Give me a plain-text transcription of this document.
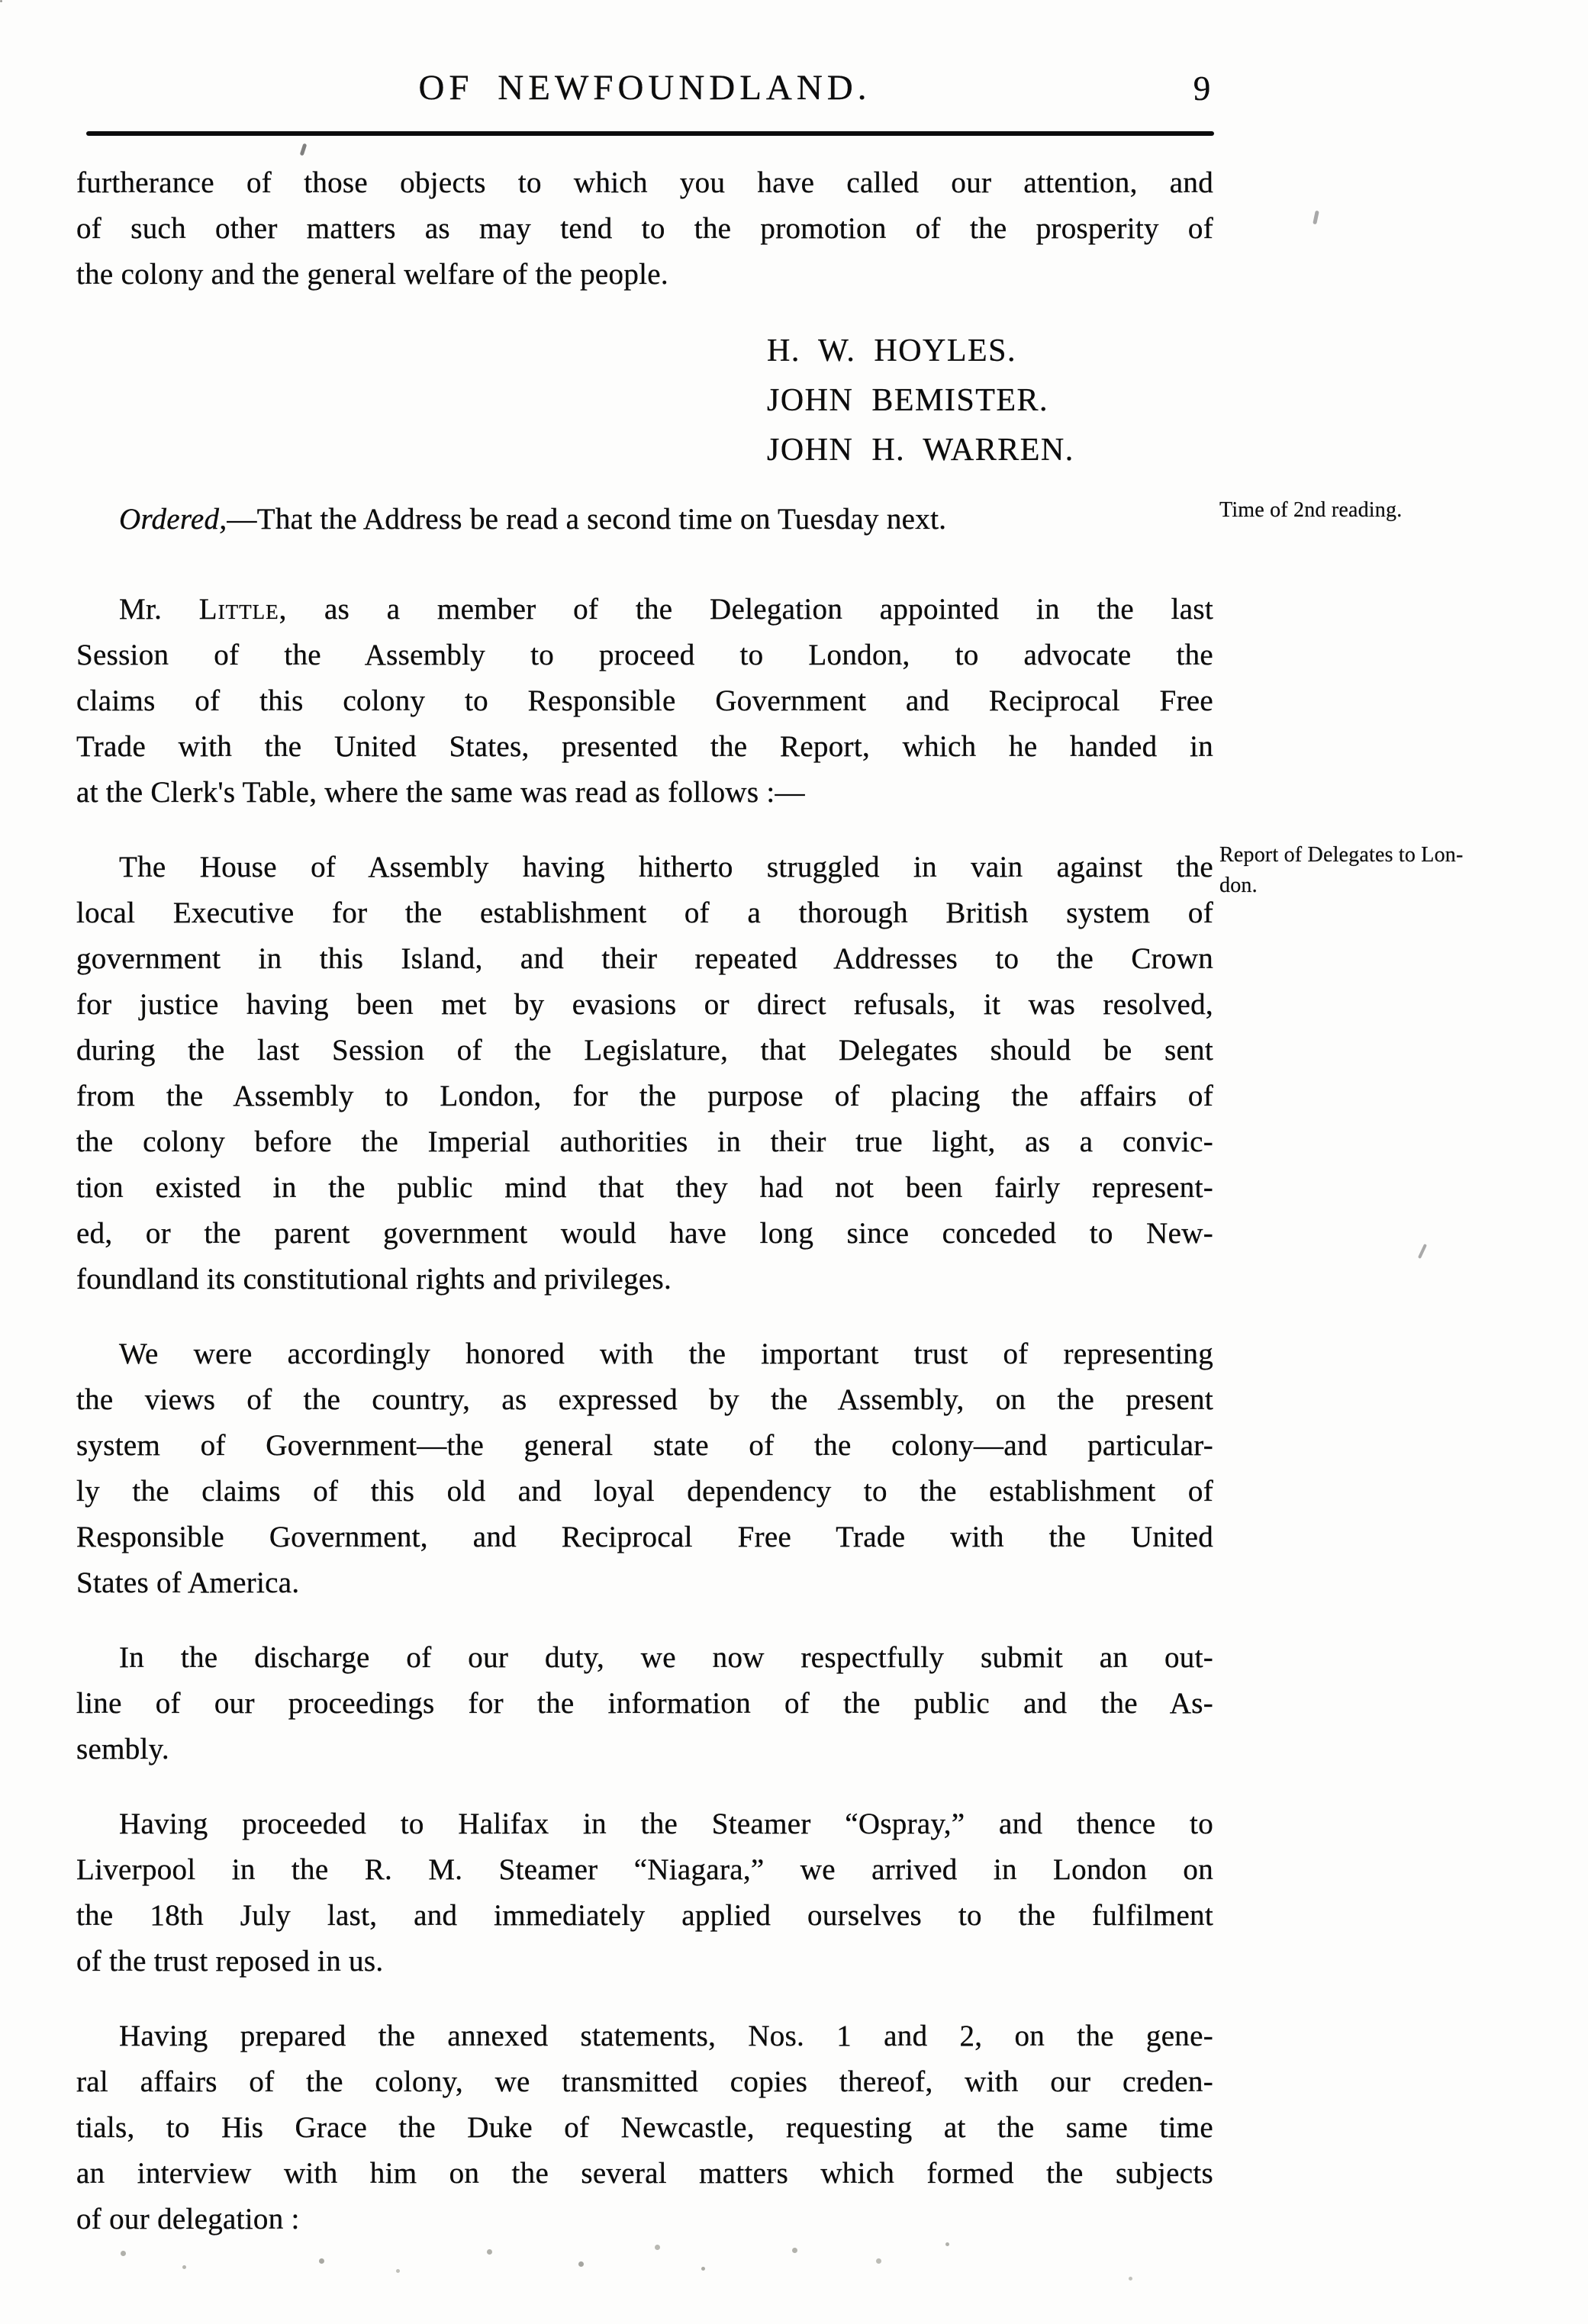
OF NEWFOUNDLAND.	9
furtherance of those objects to which you have called our attention, and
of such other matters as may tend to the promotion of the prosperity of
the colony and the general welfare of the people.
H. W. HOYLES.
JOHN BEMISTER.
JOHN H. WARREN.
Ordered,—That the Address be read a second time on Tuesday next.	Time of 2nd reading.
Mr. Little, as a member of the Delegation appointed in the last
Session of the Assembly to proceed to London, to advocate the
claims of this colony to Responsible Government and Reciprocal Free
Trade with the United States, presented the Report, which he handed in
at the Clerk's Table, where the same was read as follows :—
Report of Delegates to Lon-
don.
The House of Assembly having hitherto struggled in vain against the
local Executive for the establishment of a thorough British system of
government in this Island, and their repeated Addresses to the Crown
for justice having been met by evasions or direct refusals, it was resolved,
during the last Session of the Legislature, that Delegates should be sent
from the Assembly to London, for the purpose of placing the affairs of
the colony before the Imperial authorities in their true light, as a convic-
tion existed in the public mind that they had not been fairly represent-
ed, or the parent government would have long since conceded to New-
foundland its constitutional rights and privileges.
We were accordingly honored with the important trust of representing
the views of the country, as expressed by the Assembly, on the present
system of Government—the general state of the colony—and particular-
ly the claims of this old and loyal dependency to the establishment of
Responsible Government, and Reciprocal Free Trade with the United
States of America.
In the discharge of our duty, we now respectfully submit an out-
line of our proceedings for the information of the public and the As-
sembly.
Having proceeded to Halifax in the Steamer “Ospray,” and thence to
Liverpool in the R. M. Steamer “Niagara,” we arrived in London on
the 18th July last, and immediately applied ourselves to the fulfilment
of the trust reposed in us.
Having prepared the annexed statements, Nos. 1 and 2, on the gene-
ral affairs of the colony, we transmitted copies thereof, with our creden-
tials, to His Grace the Duke of Newcastle, requesting at the same time
an interview with him on the several matters which formed the subjects
of our delegation :
